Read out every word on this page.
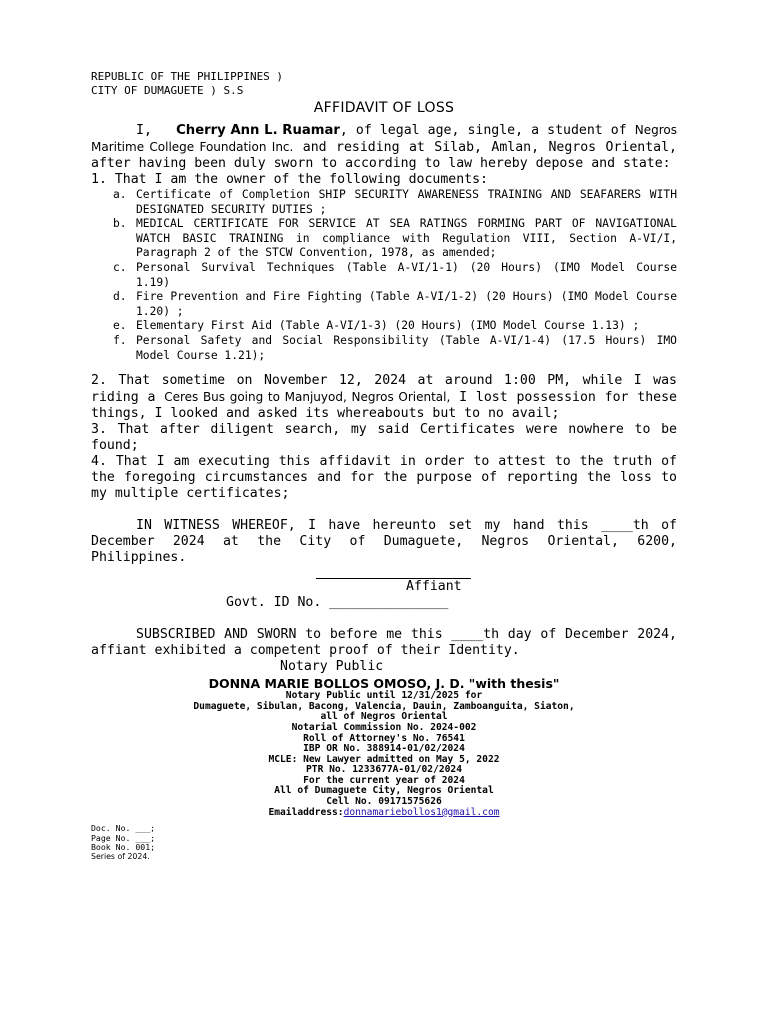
REPUBLIC OF THE PHILIPPINES )

CITY OF DUMAGUETE ) S.S

AFFIDAVIT OF LOSS

I, Cherry Ann L. Ruamar, of legal age, single, a student of Negros Maritime College Foundation Inc. and residing at Silab, Amlan, Negros Oriental, after having been duly sworn to according to law hereby depose and state:

1. That I am the owner of the following documents:

a. Certificate of Completion SHIP SECURITY AWARENESS TRAINING AND SEAFARERS WITH DESIGNATED SECURITY DUTIES ;
b. MEDICAL CERTIFICATE FOR SERVICE AT SEA RATINGS FORMING PART OF NAVIGATIONAL WATCH BASIC TRAINING in compliance with Regulation VIII, Section A-VI/I, Paragraph 2 of the STCW Convention, 1978, as amended;
c. Personal Survival Techniques (Table A-VI/1-1) (20 Hours) (IMO Model Course 1.19)
d. Fire Prevention and Fire Fighting (Table A-VI/1-2) (20 Hours) (IMO Model Course 1.20) ;
e. Elementary First Aid (Table A-VI/1-3) (20 Hours) (IMO Model Course 1.13) ;
f. Personal Safety and Social Responsibility (Table A-VI/1-4) (17.5 Hours) IMO Model Course 1.21);

2. That sometime on November 12, 2024 at around 1:00 PM, while I was riding a Ceres Bus going to Manjuyod, Negros Oriental, I lost possession for these things, I looked and asked its whereabouts but to no avail;

3. That after diligent search, my said Certificates were nowhere to be found;

4. That I am executing this affidavit in order to attest to the truth of the foregoing circumstances and for the purpose of reporting the loss to my multiple certificates;

IN WITNESS WHEREOF, I have hereunto set my hand this ____th of December 2024 at the City of Dumaguete, Negros Oriental, 6200, Philippines.

Affiant
Govt. ID No. _______________

SUBSCRIBED AND SWORN to before me this ____th day of December 2024, affiant exhibited a competent proof of their Identity.

Notary Public
DONNA MARIE BOLLOS OMOSO, J. D. "with thesis"
Notary Public until 12/31/2025 for
Dumaguete, Sibulan, Bacong, Valencia, Dauin, Zamboanguita, Siaton,
all of Negros Oriental
Notarial Commission No. 2024-002
Roll of Attorney's No. 76541
IBP OR No. 388914-01/02/2024
MCLE: New Lawyer admitted on May 5, 2022
PTR No. 1233677A-01/02/2024
For the current year of 2024
All of Dumaguete City, Negros Oriental
Cell No. 09171575626
Emailaddress:donnamariebollos1@gmail.com
Doc. No. ___;
Page No. ___;
Book No. 001;
Series of 2024.
